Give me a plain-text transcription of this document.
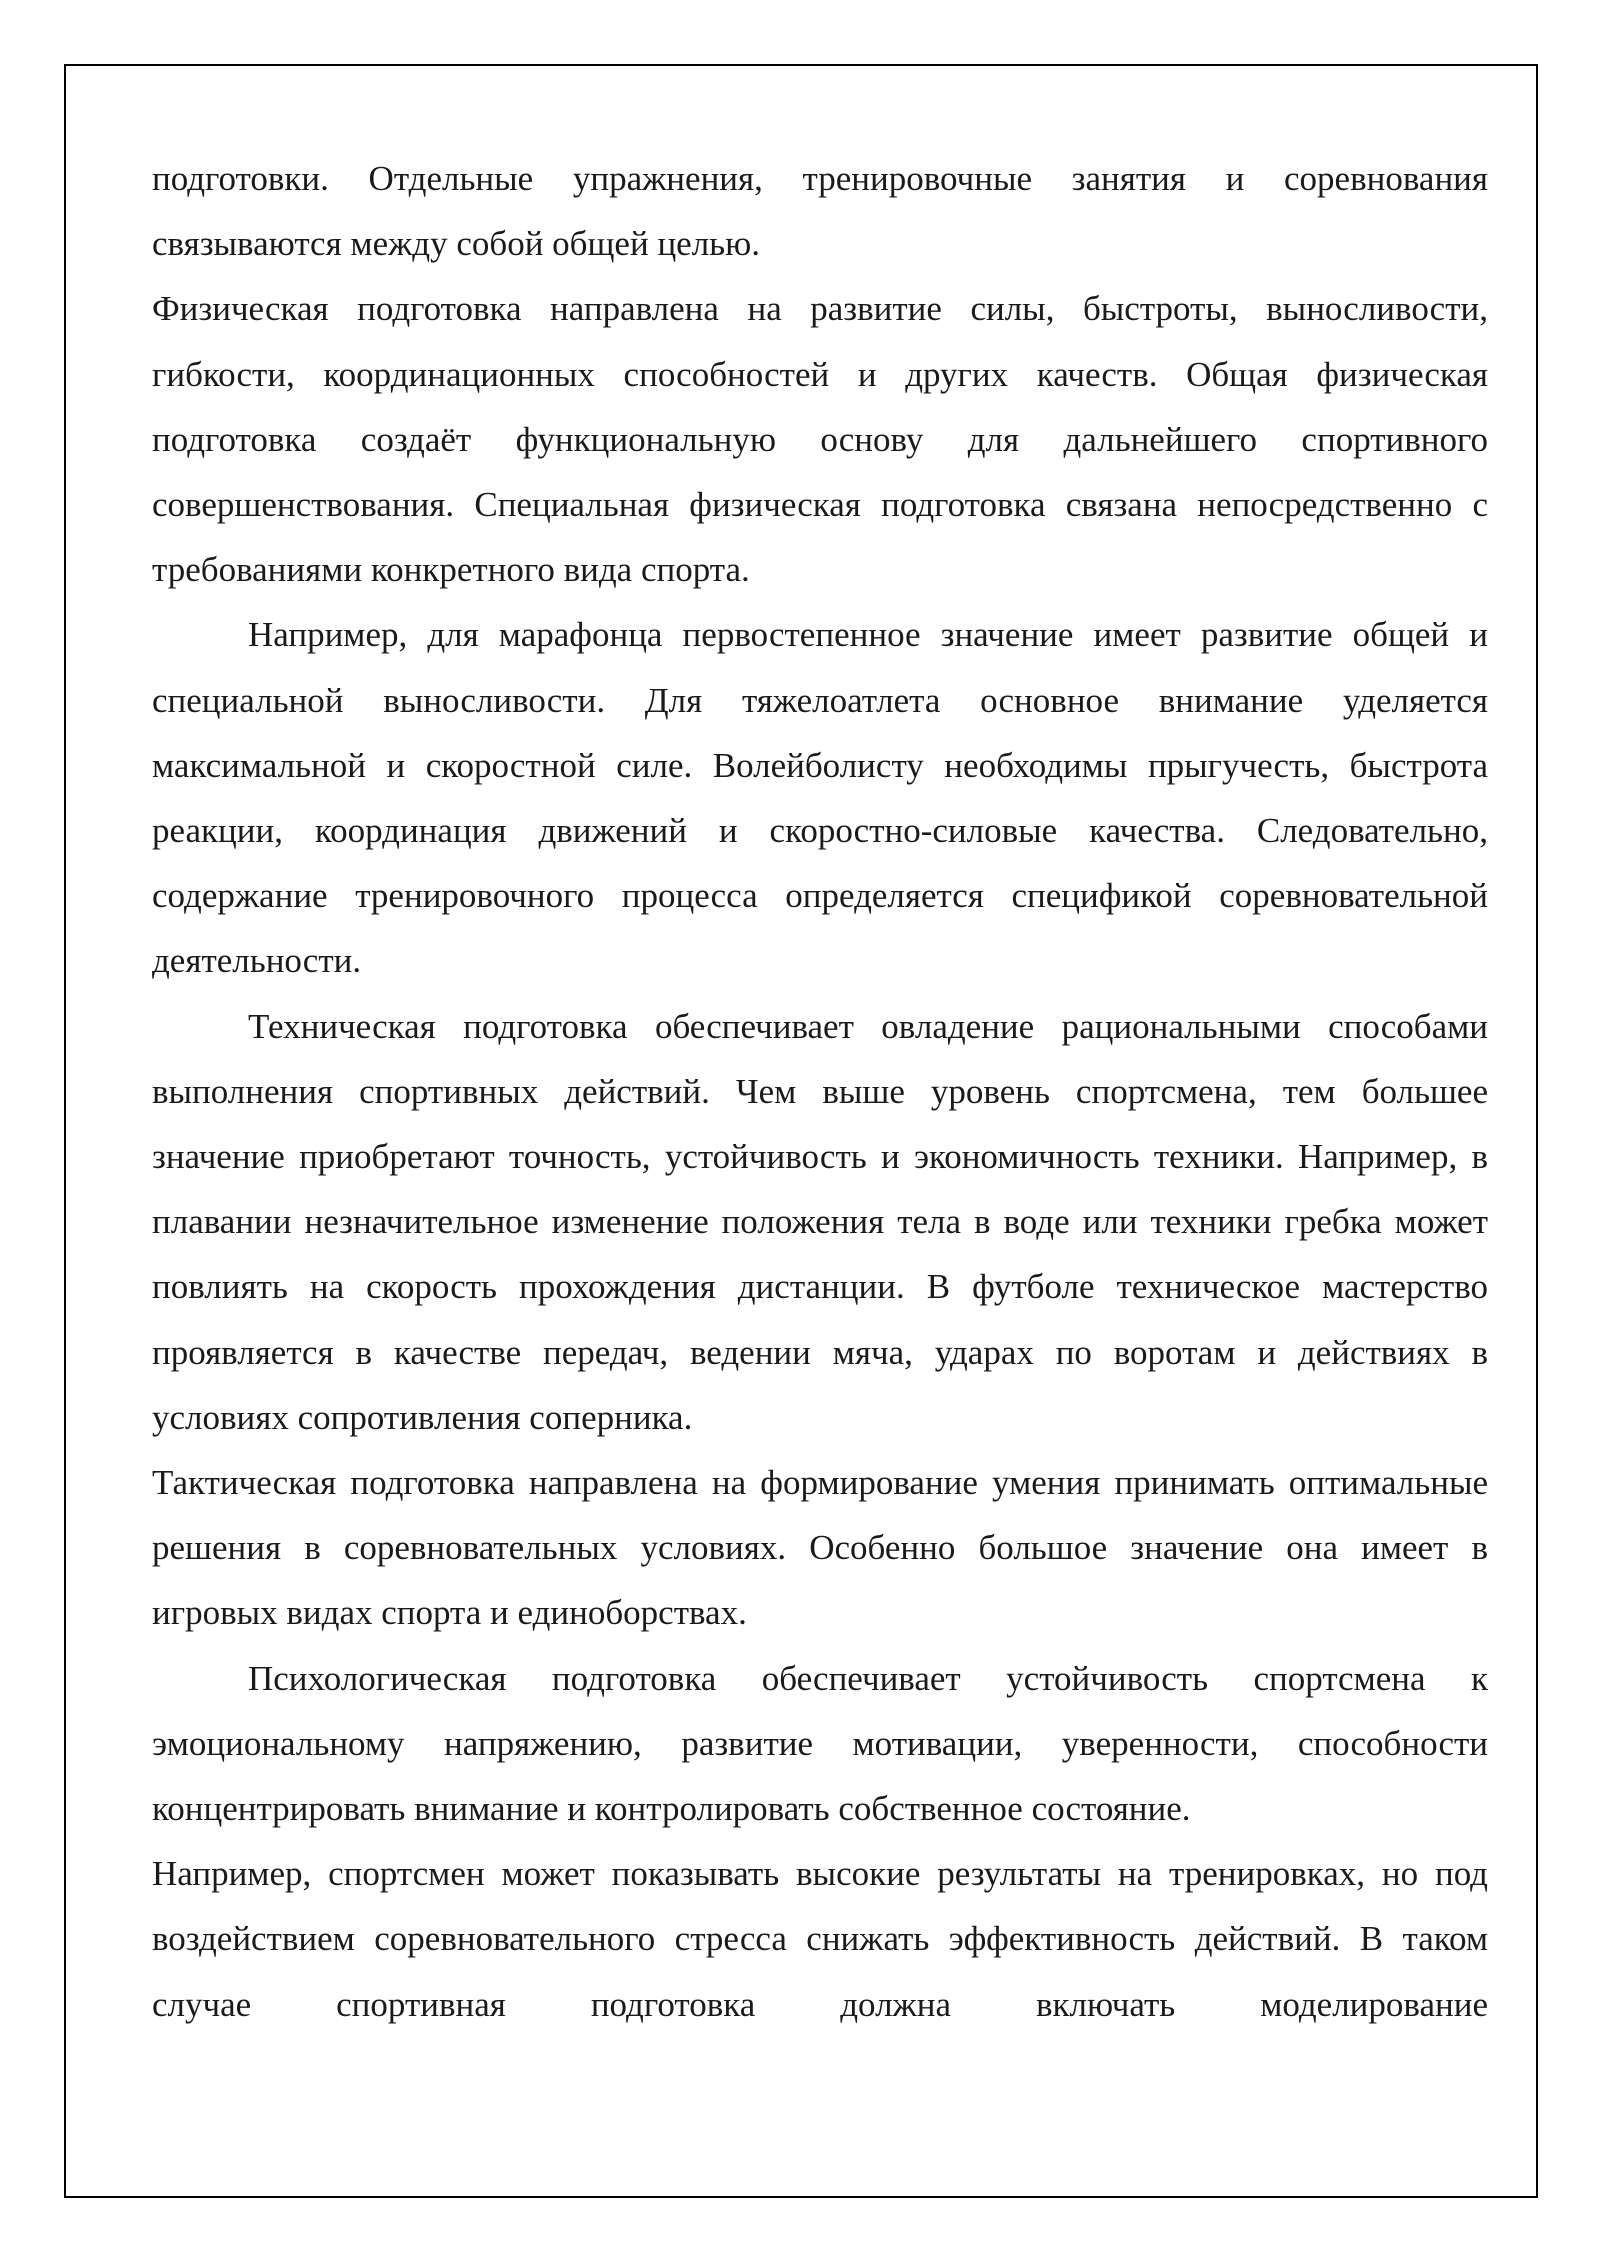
подготовки. Отдельные упражнения, тренировочные занятия и соревнования связываются между собой общей целью.

Физическая подготовка направлена на развитие силы, быстроты, выносливости, гибкости, координационных способностей и других качеств. Общая физическая подготовка создаёт функциональную основу для дальнейшего спортивного совершенствования. Специальная физическая подготовка связана непосредственно с требованиями конкретного вида спорта.

Например, для марафонца первостепенное значение имеет развитие общей и специальной выносливости. Для тяжелоатлета основное внимание уделяется максимальной и скоростной силе. Волейболисту необходимы прыгучесть, быстрота реакции, координация движений и скоростно-силовые качества. Следовательно, содержание тренировочного процесса определяется спецификой соревновательной деятельности.

Техническая подготовка обеспечивает овладение рациональными способами выполнения спортивных действий. Чем выше уровень спортсмена, тем большее значение приобретают точность, устойчивость и экономичность техники. Например, в плавании незначительное изменение положения тела в воде или техники гребка может повлиять на скорость прохождения дистанции. В футболе техническое мастерство проявляется в качестве передач, ведении мяча, ударах по воротам и действиях в условиях сопротивления соперника.

Тактическая подготовка направлена на формирование умения принимать оптимальные решения в соревновательных условиях. Особенно большое значение она имеет в игровых видах спорта и единоборствах.

Психологическая подготовка обеспечивает устойчивость спортсмена к эмоциональному напряжению, развитие мотивации, уверенности, способности концентрировать внимание и контролировать собственное состояние.

Например, спортсмен может показывать высокие результаты на тренировках, но под воздействием соревновательного стресса снижать эффективность действий. В таком случае спортивная подготовка должна включать моделирование
